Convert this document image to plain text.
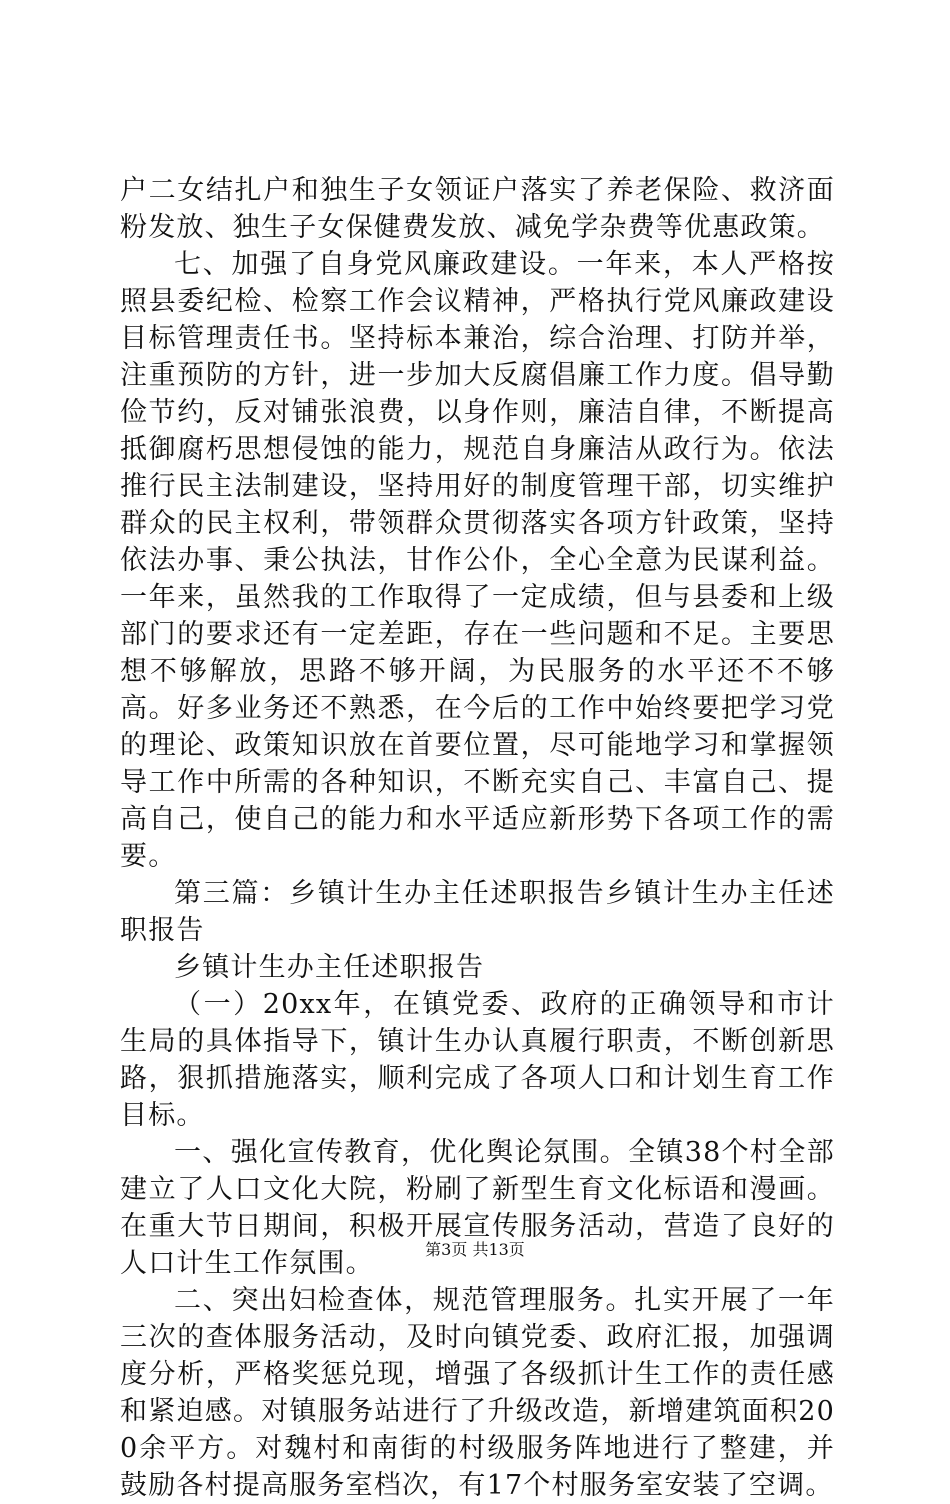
户二女结扎户和独生子女领证户落实了养老保险、救济面粉发放、独生子女保健费发放、减免学杂费等优惠政策。

七、加强了自身党风廉政建设。一年来，本人严格按照县委纪检、检察工作会议精神，严格执行党风廉政建设目标管理责任书。坚持标本兼治，综合治理、打防并举，注重预防的方针，进一步加大反腐倡廉工作力度。倡导勤俭节约，反对铺张浪费，以身作则，廉洁自律，不断提高抵御腐朽思想侵蚀的能力，规范自身廉洁从政行为。依法推行民主法制建设，坚持用好的制度管理干部，切实维护群众的民主权利，带领群众贯彻落实各项方针政策，坚持依法办事、秉公执法，甘作公仆，全心全意为民谋利益。一年来，虽然我的工作取得了一定成绩，但与县委和上级部门的要求还有一定差距，存在一些问题和不足。主要思想不够解放，思路不够开阔，为民服务的水平还不不够高。好多业务还不熟悉，在今后的工作中始终要把学习党的理论、政策知识放在首要位置，尽可能地学习和掌握领导工作中所需的各种知识，不断充实自己、丰富自己、提高自己，使自己的能力和水平适应新形势下各项工作的需要。

第三篇：乡镇计生办主任述职报告乡镇计生办主任述职报告

乡镇计生办主任述职报告

（一）20xx年，在镇党委、政府的正确领导和市计生局的具体指导下，镇计生办认真履行职责，不断创新思路，狠抓措施落实，顺利完成了各项人口和计划生育工作目标。

一、强化宣传教育，优化舆论氛围。全镇38个村全部建立了人口文化大院，粉刷了新型生育文化标语和漫画。在重大节日期间，积极开展宣传服务活动，营造了良好的人口计生工作氛围。

二、突出妇检查体，规范管理服务。扎实开展了一年三次的查体服务活动，及时向镇党委、政府汇报，加强调度分析，严格奖惩兑现，增强了各级抓计生工作的责任感和紧迫感。对镇服务站进行了升级改造，新增建筑面积200余平方。对魏村和南街的村级服务阵地进行了整建，并鼓励各村提高服务室档次，有17个村服务室安装了空调。

第3页 共13页
